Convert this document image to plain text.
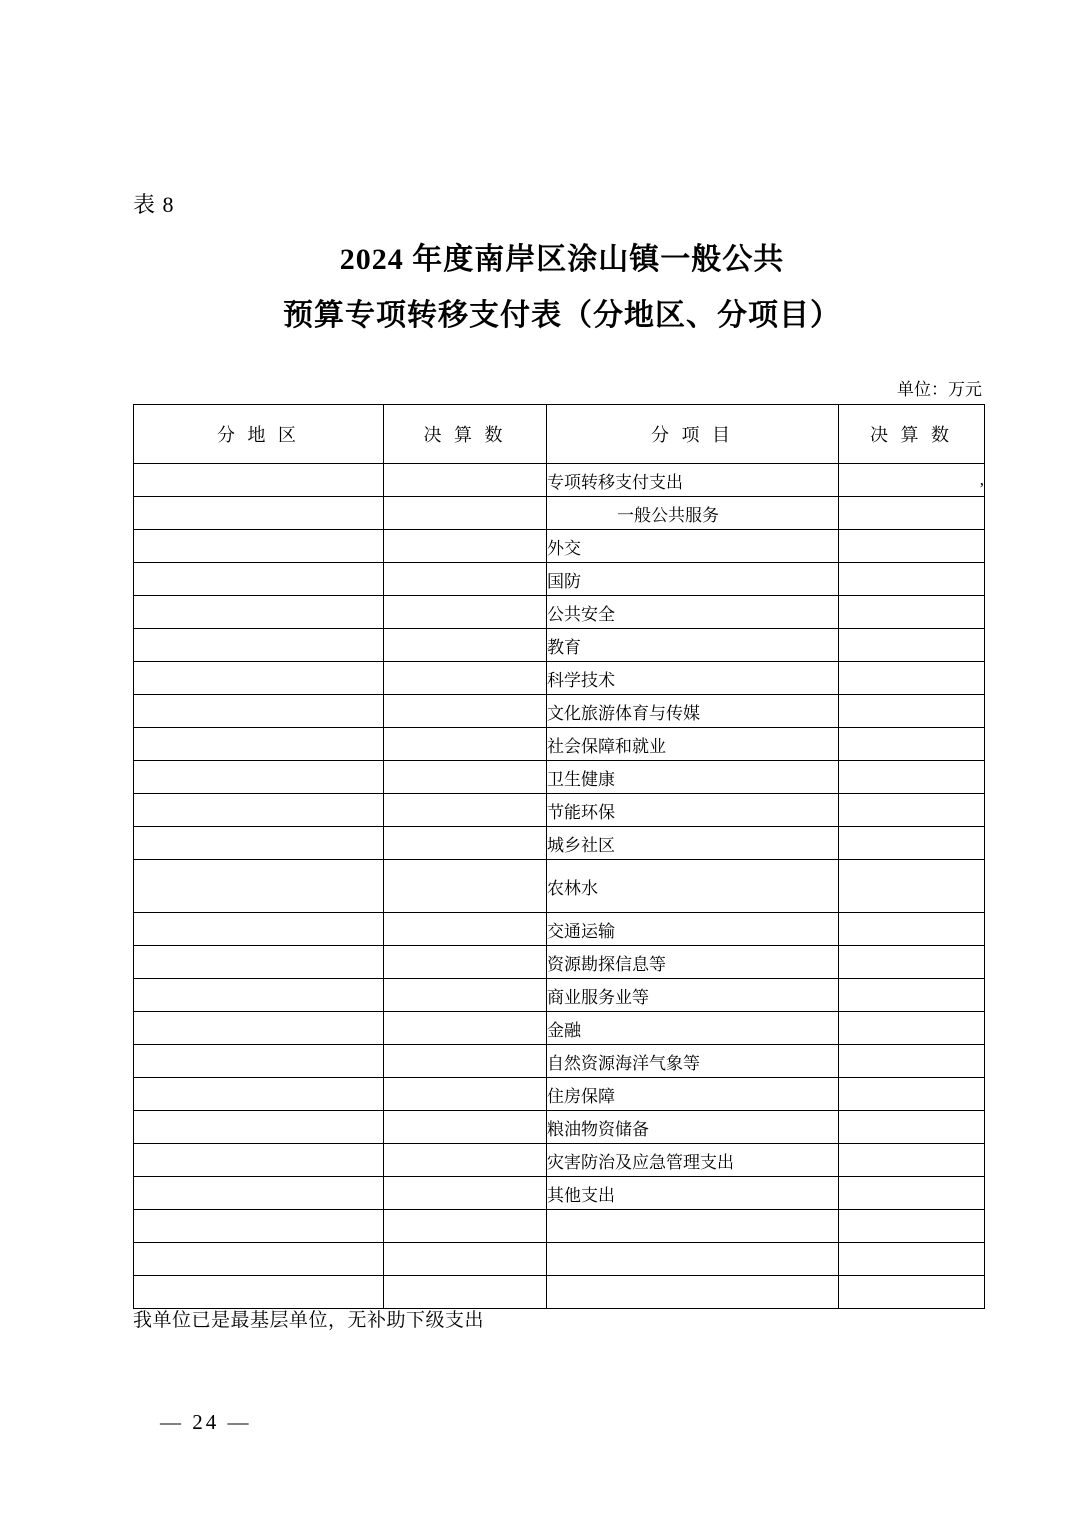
表 8
2024 年度南岸区涂山镇一般公共
预算专项转移支付表（分地区、分项目）
单位：万元
分 地 区	决 算 数	分 项 目	决 算 数
		专项转移支付支出	,
		一般公共服务	
		外交	
		国防	
		公共安全	
		教育	
		科学技术	
		文化旅游体育与传媒	
		社会保障和就业	
		卫生健康	
		节能环保	
		城乡社区	
		农林水	
		交通运输	
		资源勘探信息等	
		商业服务业等	
		金融	
		自然资源海洋气象等	
		住房保障	
		粮油物资储备	
		灾害防治及应急管理支出	
		其他支出	

我单位已是最基层单位，无补助下级支出
— 24 —
